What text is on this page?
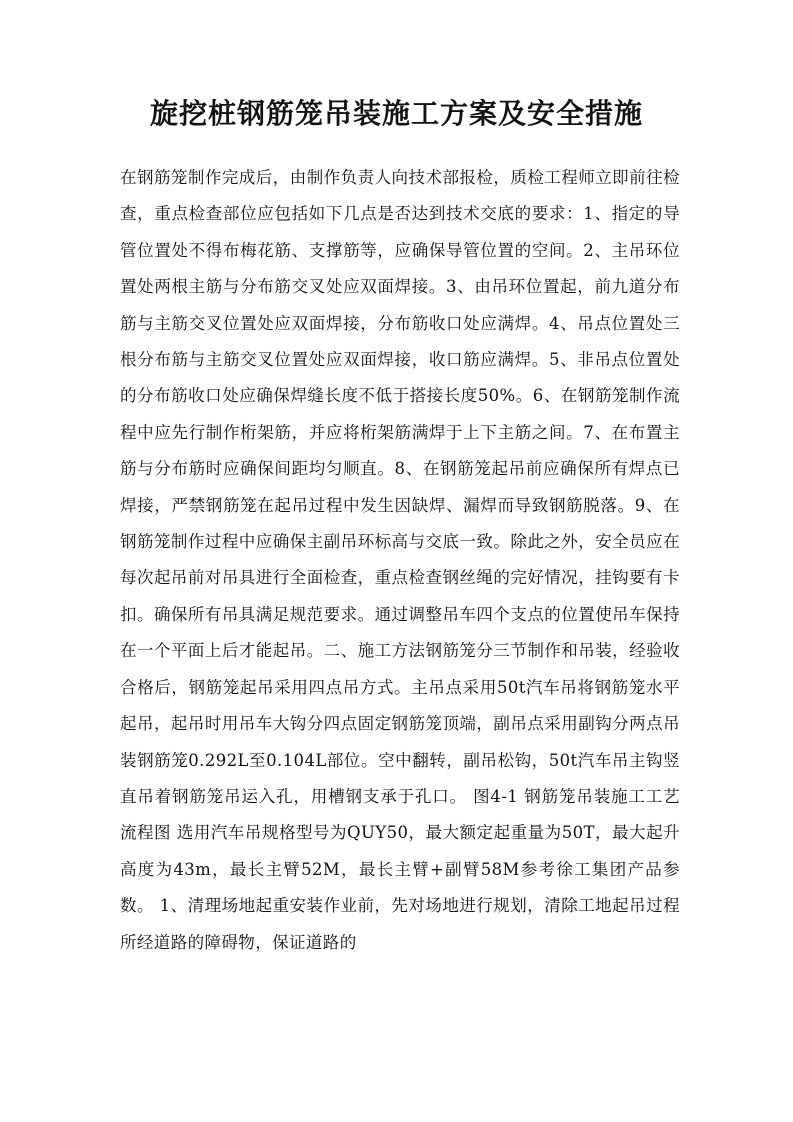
旋挖桩钢筋笼吊装施工方案及安全措施

在钢筋笼制作完成后，由制作负责人向技术部报检，质检工程师立即前往检查，重点检查部位应包括如下几点是否达到技术交底的要求：1、指定的导管位置处不得布梅花筋、支撑筋等，应确保导管位置的空间。2、主吊环位置处两根主筋与分布筋交叉处应双面焊接。3、由吊环位置起，前九道分布筋与主筋交叉位置处应双面焊接，分布筋收口处应满焊。4、吊点位置处三根分布筋与主筋交叉位置处应双面焊接，收口筋应满焊。5、非吊点位置处的分布筋收口处应确保焊缝长度不低于搭接长度50%。6、在钢筋笼制作流程中应先行制作桁架筋，并应将桁架筋满焊于上下主筋之间。7、在布置主筋与分布筋时应确保间距均匀顺直。8、在钢筋笼起吊前应确保所有焊点已焊接，严禁钢筋笼在起吊过程中发生因缺焊、漏焊而导致钢筋脱落。9、在钢筋笼制作过程中应确保主副吊环标高与交底一致。除此之外，安全员应在每次起吊前对吊具进行全面检查，重点检查钢丝绳的完好情况，挂钩要有卡扣。确保所有吊具满足规范要求。通过调整吊车四个支点的位置使吊车保持在一个平面上后才能起吊。二、施工方法钢筋笼分三节制作和吊装，经验收合格后，钢筋笼起吊采用四点吊方式。主吊点采用50t汽车吊将钢筋笼水平起吊，起吊时用吊车大钩分四点固定钢筋笼顶端，副吊点采用副钩分两点吊装钢筋笼0.292L至0.104L部位。空中翻转，副吊松钩，50t汽车吊主钩竖直吊着钢筋笼吊运入孔，用槽钢支承于孔口。 图4-1 钢筋笼吊装施工工艺流程图 选用汽车吊规格型号为QUY50，最大额定起重量为50T，最大起升高度为43m，最长主臂52M，最长主臂+副臂58M参考徐工集团产品参数。 1、清理场地起重安装作业前，先对场地进行规划，清除工地起吊过程所经道路的障碍物，保证道路的
